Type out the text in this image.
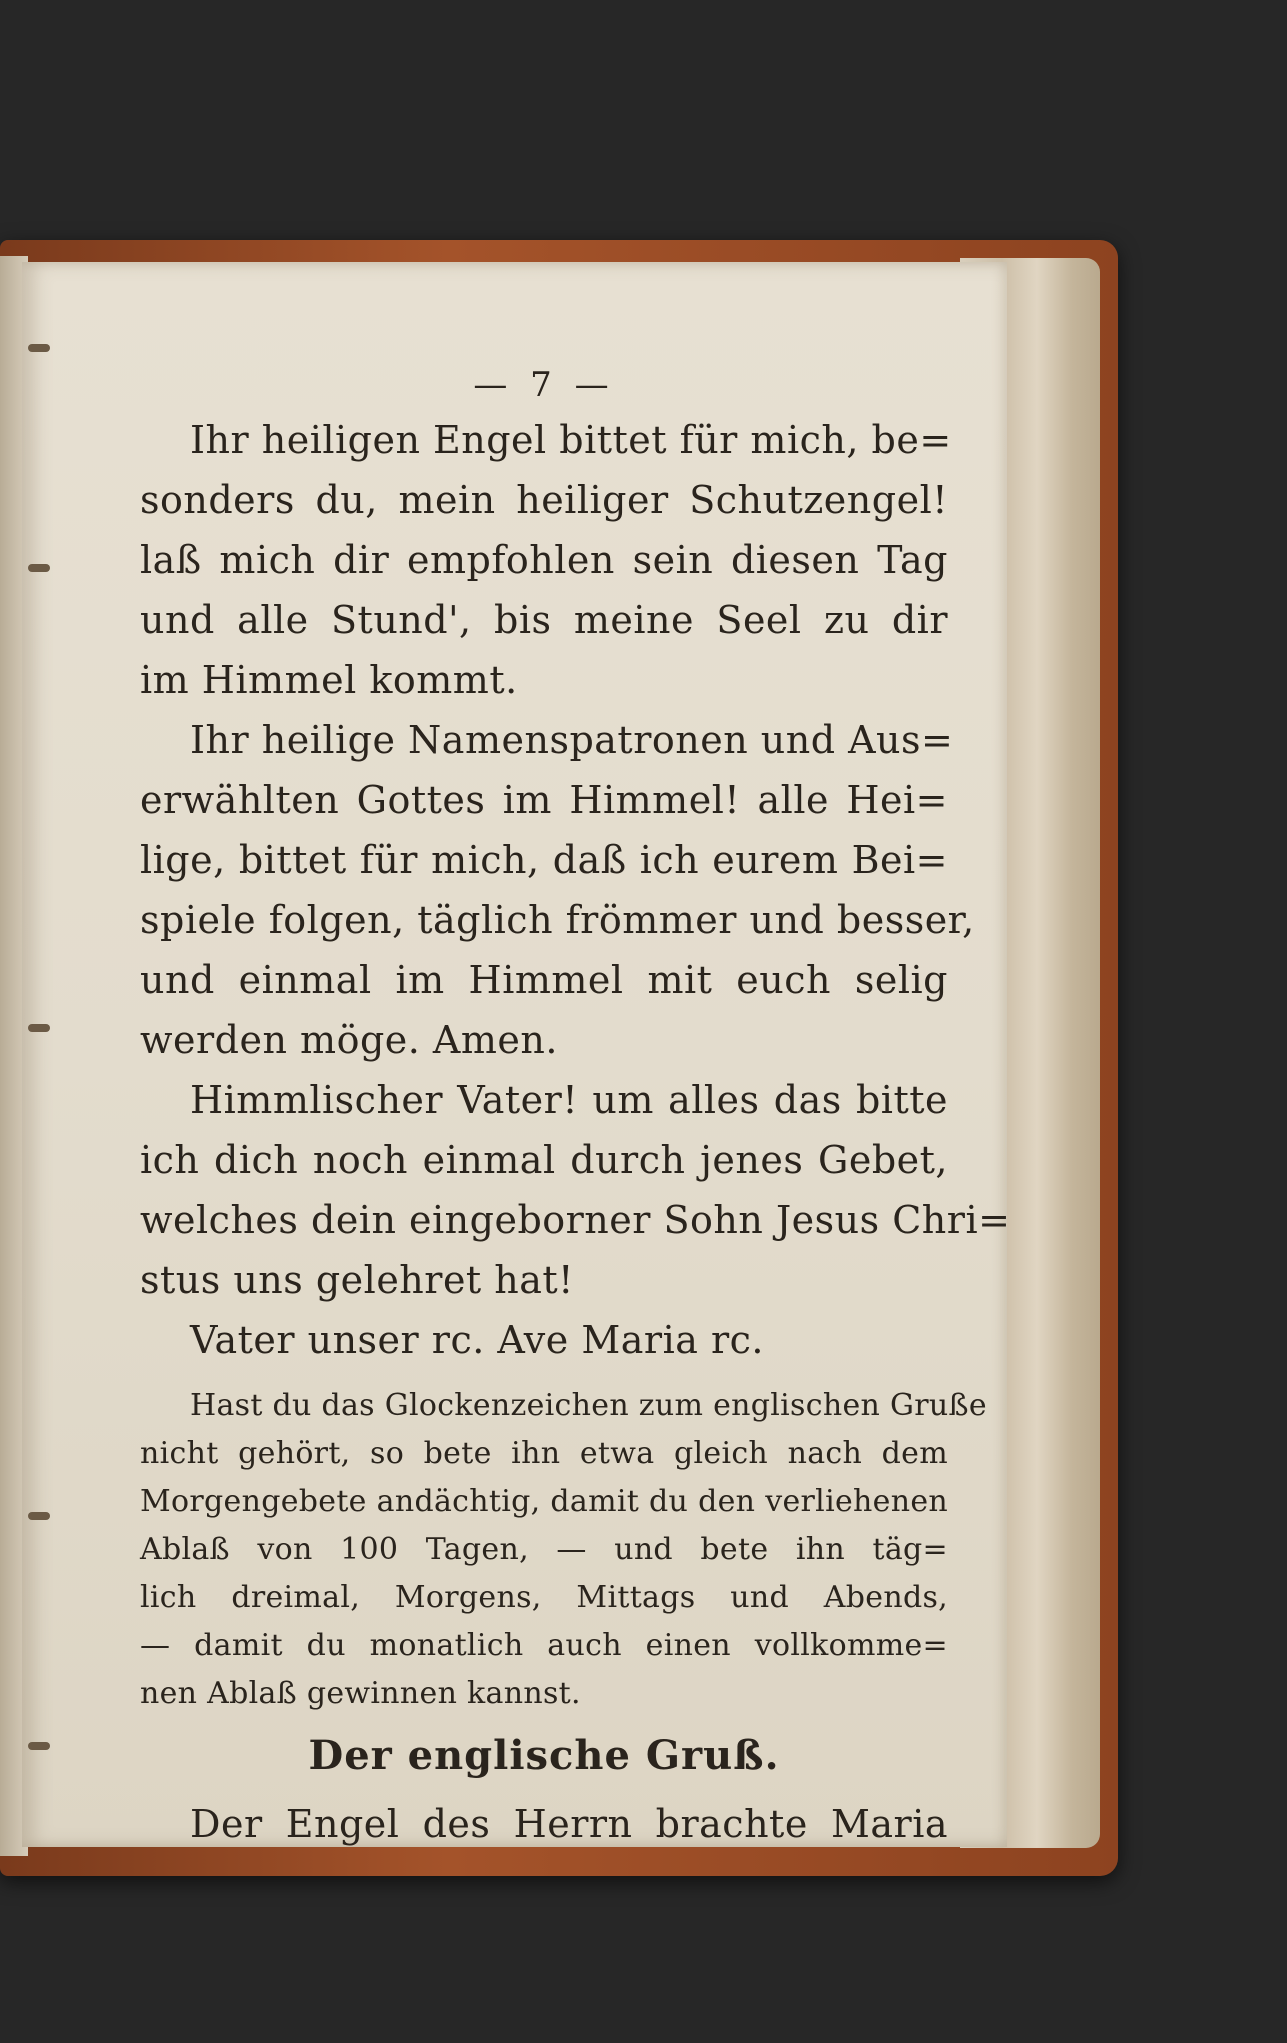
— 7 —
Ihr heiligen Engel bittet für mich, be=
sonders du, mein heiliger Schutzengel!
laß mich dir empfohlen sein diesen Tag
und alle Stund', bis meine Seel zu dir
im Himmel kommt.
Ihr heilige Namenspatronen und Aus=
erwählten Gottes im Himmel! alle Hei=
lige, bittet für mich, daß ich eurem Bei=
spiele folgen, täglich frömmer und besser,
und einmal im Himmel mit euch selig
werden möge. Amen.
Himmlischer Vater! um alles das bitte
ich dich noch einmal durch jenes Gebet,
welches dein eingeborner Sohn Jesus Chri=
stus uns gelehret hat!
Vater unser rc. Ave Maria rc.
Hast du das Glockenzeichen zum englischen Gruße
nicht gehört, so bete ihn etwa gleich nach dem
Morgengebete andächtig, damit du den verliehenen
Ablaß von 100 Tagen, — und bete ihn täg=
lich dreimal, Morgens, Mittags und Abends,
— damit du monatlich auch einen vollkomme=
nen Ablaß gewinnen kannst.
Der englische Gruß.
Der Engel des Herrn brachte Maria
